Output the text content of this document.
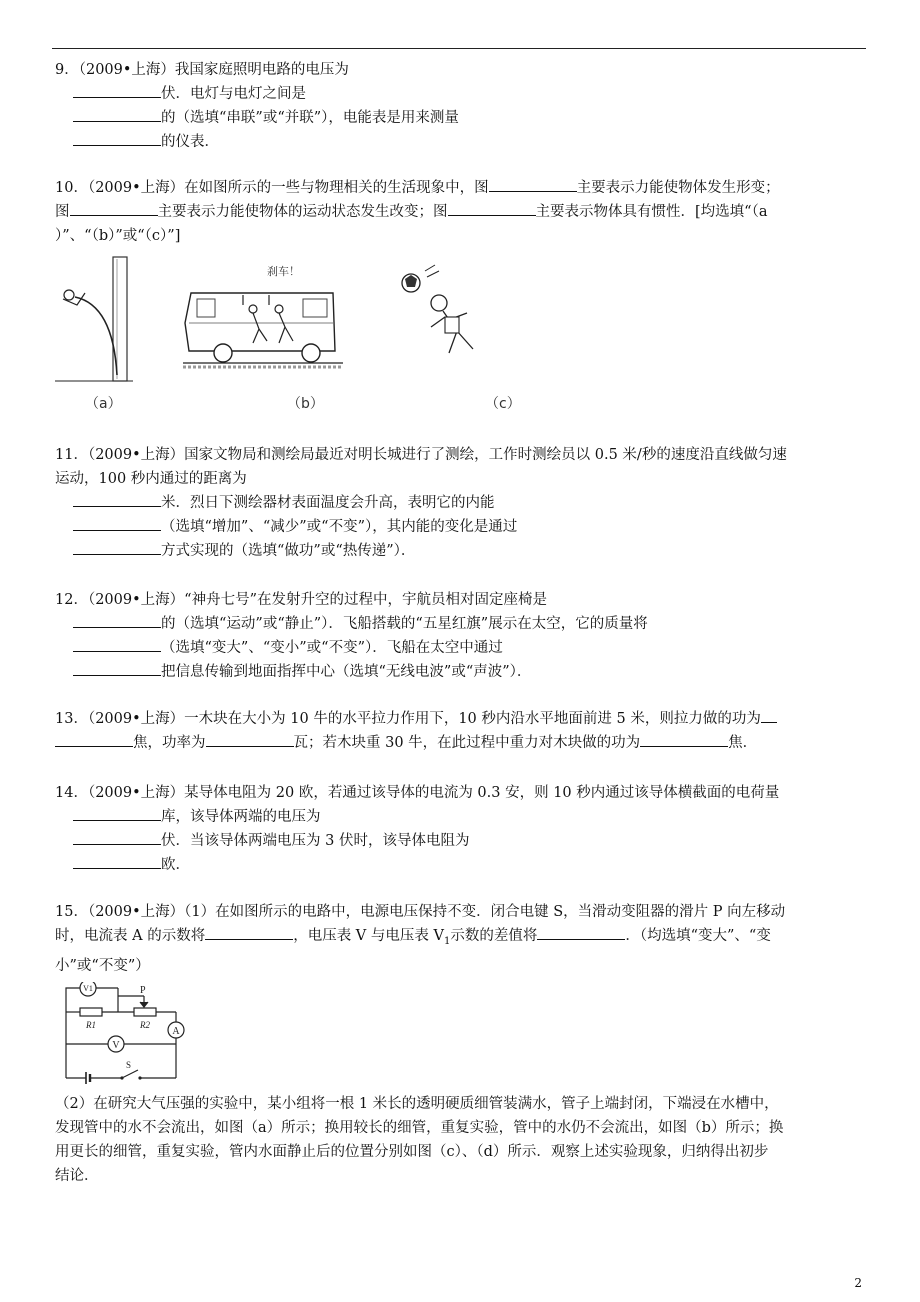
9．（2009•上海）我国家庭照明电路的电压为
伏．电灯与电灯之间是
的（选填“串联”或“并联”），电能表是用来测量
的仪表．
10．（2009•上海）在如图所示的一些与物理相关的生活现象中，图	主要表示力能使物体发生形变；
图	主要表示力能使物体的运动状态发生改变；图	主要表示物体具有惯性．[均选填“（a
）”、“（b）”或“（c）”]
（a）
刹车！
（b）	（c）
11．（2009•上海）国家文物局和测绘局最近对明长城进行了测绘，工作时测绘员以 0.5 米/秒的速度沿直线做匀速
运动，100 秒内通过的距离为
米．烈日下测绘器材表面温度会升高，表明它的内能
（选填“增加”、“减少”或“不变”），其内能的变化是通过
方式实现的（选填“做功”或“热传递”）．
12．（2009•上海）“神舟七号”在发射升空的过程中，宇航员相对固定座椅是
的（选填“运动”或“静止”）．飞船搭载的“五星红旗”展示在太空，它的质量将
（选填“变大”、“变小”或“不变”）．飞船在太空中通过
把信息传输到地面指挥中心（选填“无线电波”或“声波”）．
13．（2009•上海）一木块在大小为 10 牛的水平拉力作用下，10 秒内沿水平地面前进 5 米，则拉力做的功为
焦，功率为	瓦；若木块重 30 牛，在此过程中重力对木块做的功为	焦．
14．（2009•上海）某导体电阻为 20 欧，若通过该导体的电流为 0.3 安，则 10 秒内通过该导体横截面的电荷量
库，该导体两端的电压为
伏．当该导体两端电压为 3 伏时，该导体电阻为
欧．
15．（2009•上海）（1）在如图所示的电路中，电源电压保持不变．闭合电键 S，当滑动变阻器的滑片 P 向左移动
时，电流表 A 的示数将	，电压表 V 与电压表 $V_1$示数的差值将	．（均选填“变大”、“变
小”或“不变”）
V1	P
R1	R2
A
V
S
（2）在研究大气压强的实验中，某小组将一根 1 米长的透明硬质细管装满水，管子上端封闭，下端浸在水槽中，
发现管中的水不会流出，如图（a）所示；换用较长的细管，重复实验，管中的水仍不会流出，如图（b）所示；换
用更长的细管，重复实验，管内水面静止后的位置分别如图（c）、（d）所示．观察上述实验现象，归纳得出初步
结论．
2
